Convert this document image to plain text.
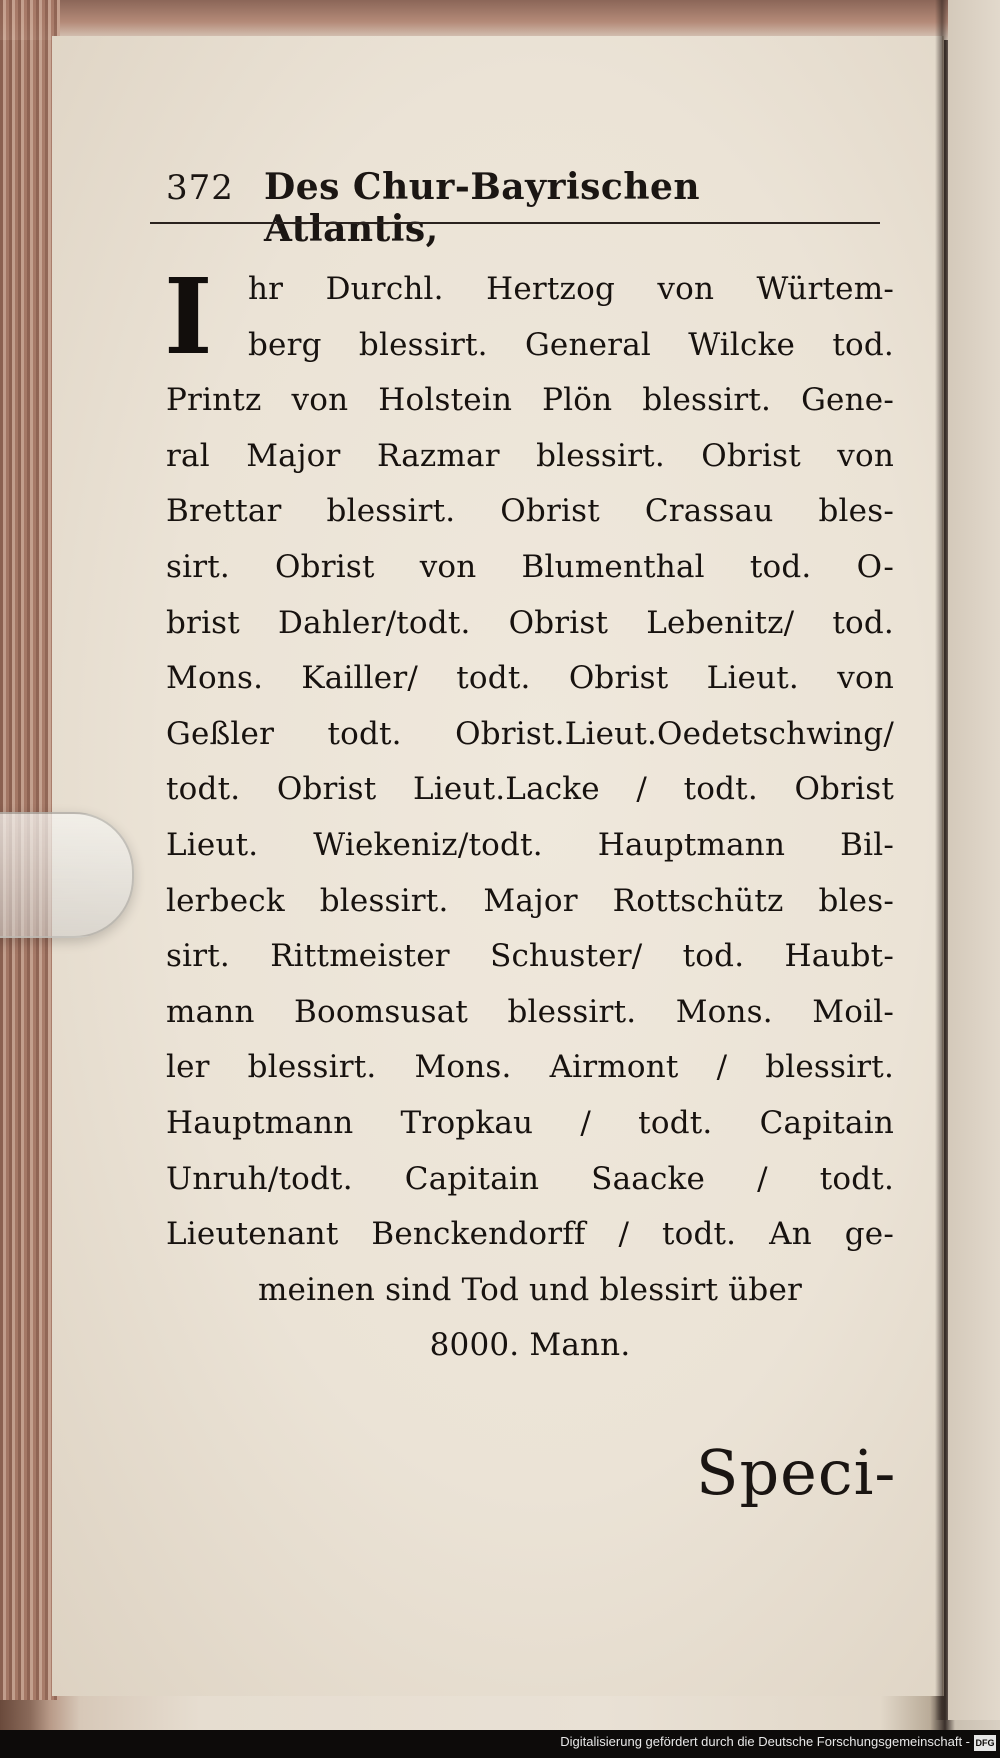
372 Des Chur-Bayrischen Atlantis,
I	hr Durchl. Hertzog von Würtem-
berg blessirt. General Wilcke tod.
Printz von Holstein Plön blessirt. Gene-
ral Major Razmar blessirt. Obrist von
Brettar blessirt. Obrist Crassau bles-
sirt. Obrist von Blumenthal tod. O-
brist Dahler/todt. Obrist Lebenitz/ tod.
Mons. Kailler/ todt. Obrist Lieut. von
Geßler todt. Obrist.Lieut.Oedetschwing/
todt. Obrist Lieut.Lacke / todt. Obrist
Lieut. Wiekeniz/todt. Hauptmann Bil-
lerbeck blessirt. Major Rottschütz bles-
sirt. Rittmeister Schuster/ tod. Haubt-
mann Boomsusat blessirt. Mons. Moil-
ler blessirt. Mons. Airmont / blessirt.
Hauptmann Tropkau / todt. Capitain
Unruh/todt. Capitain Saacke / todt.
Lieutenant Benckendorff / todt. An ge-
meinen sind Tod und blessirt über
8000. Mann.
Speci-
Digitalisierung gefördert durch die Deutsche Forschungsgemeinschaft - DFG
